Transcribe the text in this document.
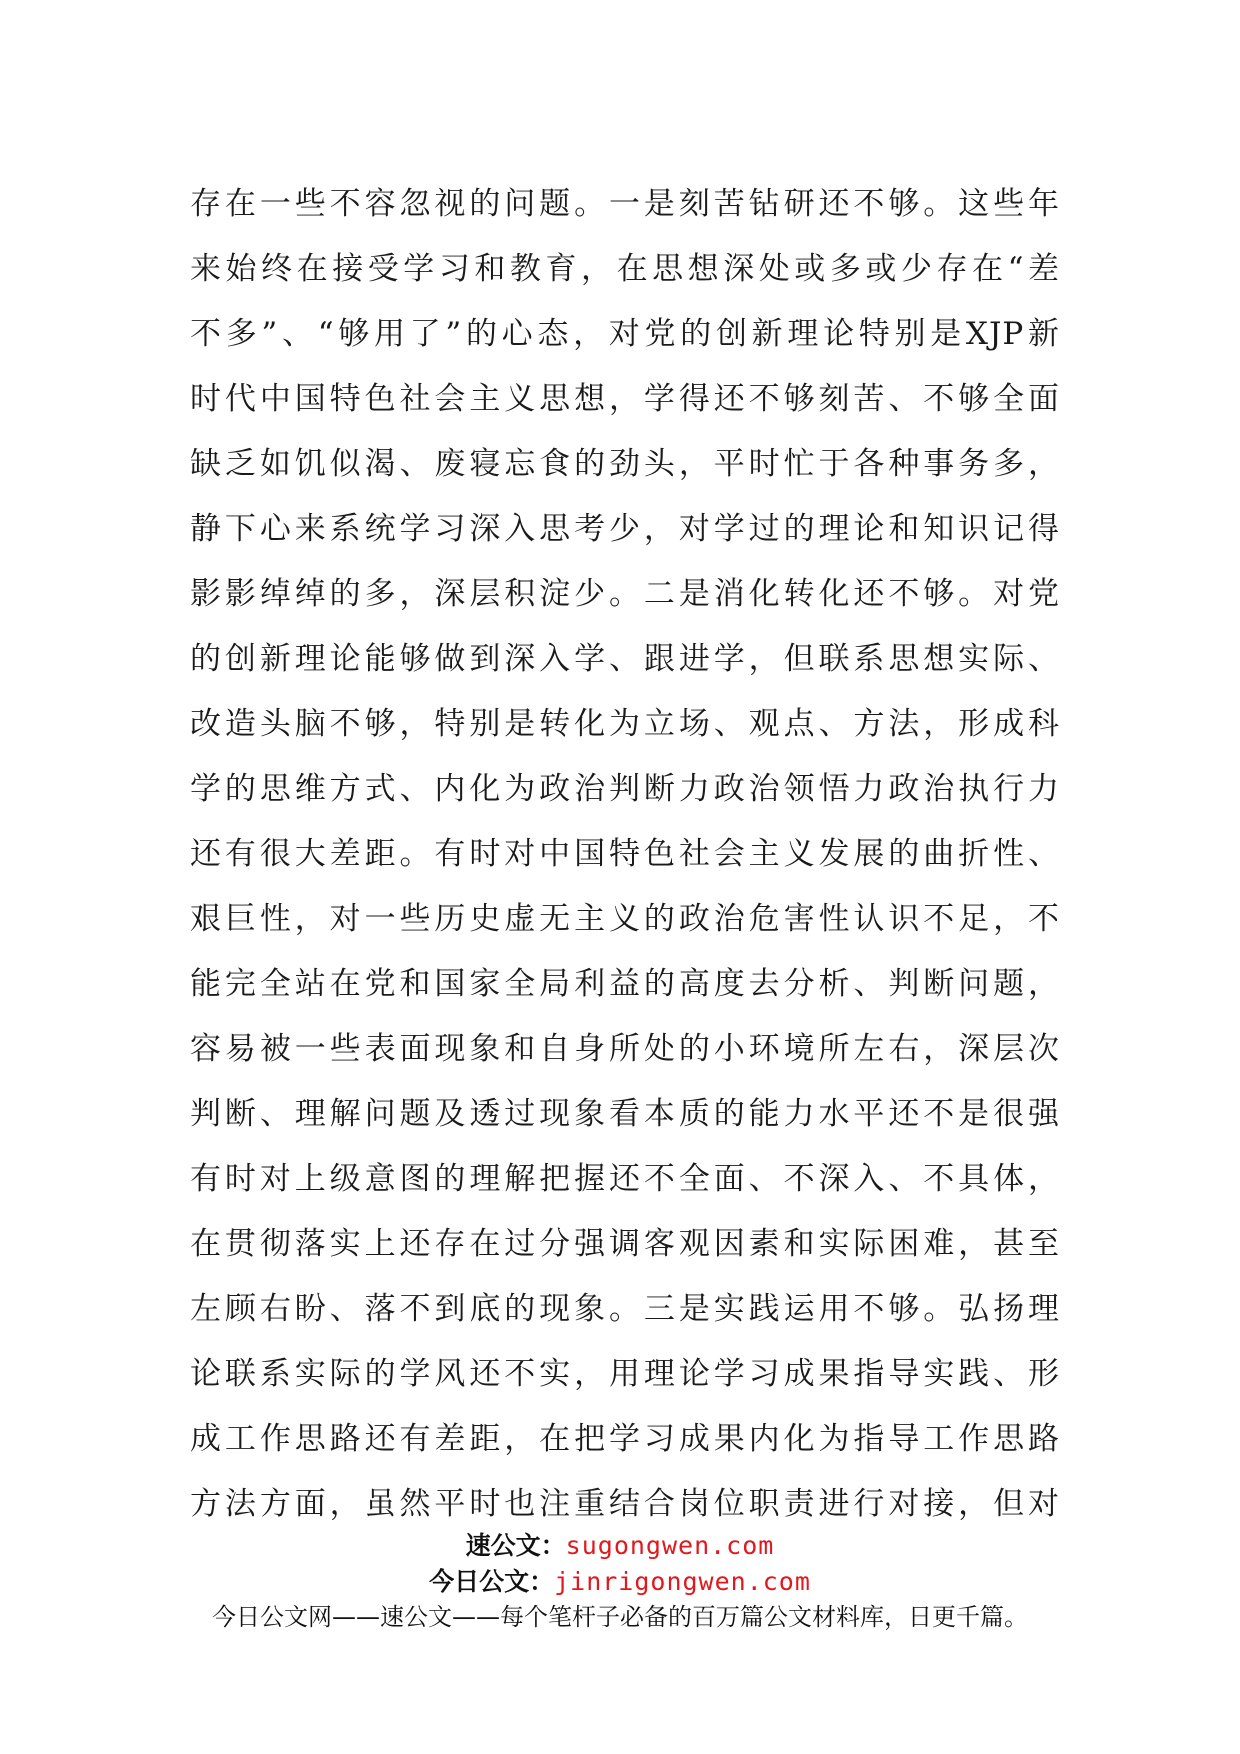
存在一些不容忽视的问题。一是刻苦钻研还不够。这些年
来始终在接受学习和教育，在思想深处或多或少存在“差
不多”、“够用了”的心态，对党的创新理论特别是XJP新
时代中国特色社会主义思想，学得还不够刻苦、不够全面
缺乏如饥似渴、废寝忘食的劲头，平时忙于各种事务多，
静下心来系统学习深入思考少，对学过的理论和知识记得
影影绰绰的多，深层积淀少。二是消化转化还不够。对党
的创新理论能够做到深入学、跟进学，但联系思想实际、
改造头脑不够，特别是转化为立场、观点、方法，形成科
学的思维方式、内化为政治判断力政治领悟力政治执行力
还有很大差距。有时对中国特色社会主义发展的曲折性、
艰巨性，对一些历史虚无主义的政治危害性认识不足，不
能完全站在党和国家全局利益的高度去分析、判断问题，
容易被一些表面现象和自身所处的小环境所左右，深层次
判断、理解问题及透过现象看本质的能力水平还不是很强
有时对上级意图的理解把握还不全面、不深入、不具体，
在贯彻落实上还存在过分强调客观因素和实际困难，甚至
左顾右盼、落不到底的现象。三是实践运用不够。弘扬理
论联系实际的学风还不实，用理论学习成果指导实践、形
成工作思路还有差距，在把学习成果内化为指导工作思路
方法方面，虽然平时也注重结合岗位职责进行对接，但对
速公文：sugongwen.com
今日公文：jinrigongwen.com
今日公文网——速公文——每个笔杆子必备的百万篇公文材料库，日更千篇。
